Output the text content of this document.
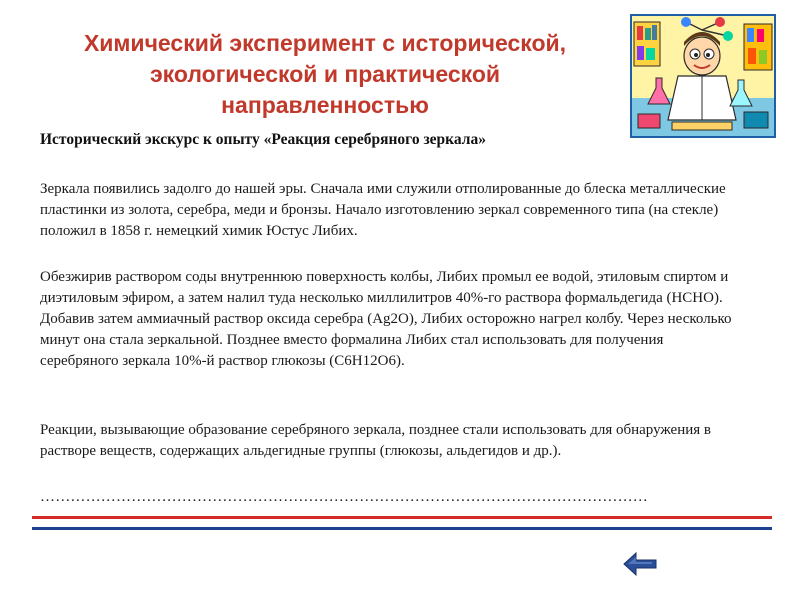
Химический эксперимент с исторической, экологической и практической направленностью
Исторический экскурс к опыту «Реакция серебряного зеркала»
Зеркала появились задолго до нашей эры. Сначала ими служили отполированные до блеска металлические пластинки из золота, серебра, меди и бронзы. Начало изготовлению зеркал современного типа (на стекле) положил в 1858 г. немецкий химик Юстус Либих.
Обезжирив раствором соды внутреннюю поверхность колбы, Либих промыл ее водой, этиловым спиртом и диэтиловым эфиром, а затем налил туда несколько миллилитров 40%-го раствора формальдегида (НСНО). Добавив затем аммиачный раствор оксида серебра (Ag2O), Либих осторожно нагрел колбу. Через несколько минут она стала зеркальной. Позднее вместо формалина Либих стал использовать для получения серебряного зеркала 10%-й раствор глюкозы (C6H12O6).
Реакции, вызывающие образование серебряного зеркала, позднее стали использовать для обнаружения в растворе веществ, содержащих альдегидные группы (глюкозы, альдегидов и др.).
…………………………………………………………………………………………………………
